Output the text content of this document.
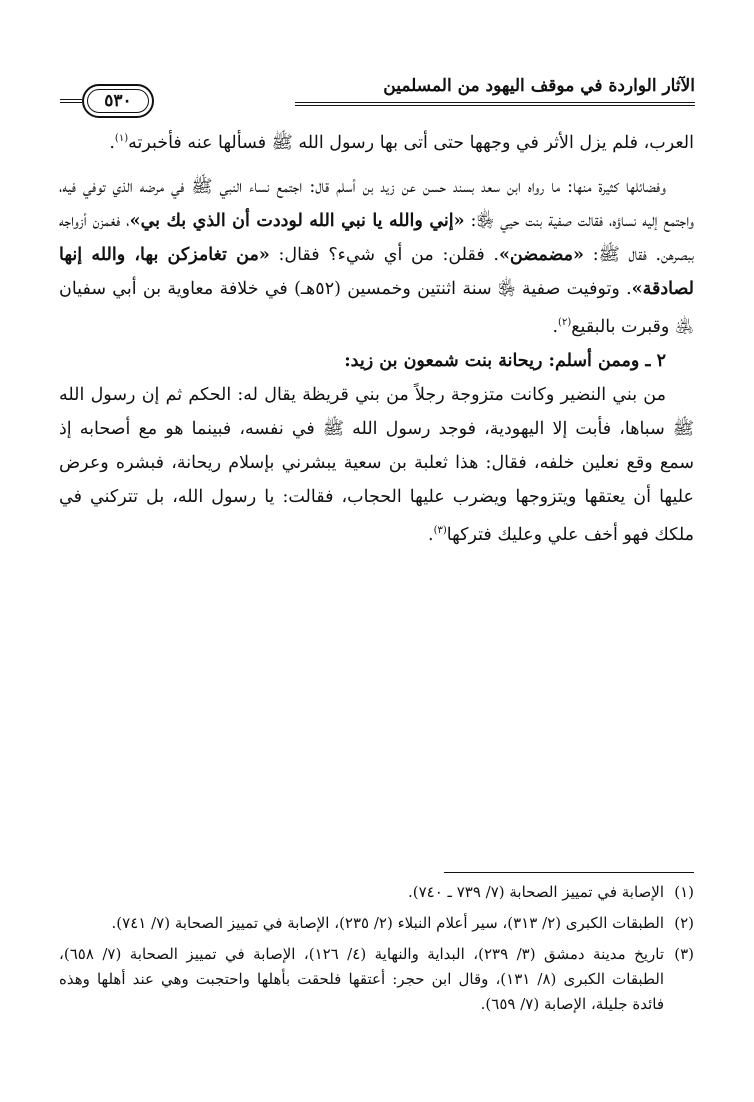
الآثار الواردة في موقف اليهود من المسلمين
٥٣٠

العرب، فلم يزل الأثر في وجهها حتى أتى بها رسول الله ﷺ فسألها عنه فأخبرته$^{(١)}$.

وفضائلها كثيرة منها: ما رواه ابن سعد بسند حسن عن زيد بن أسلم قال: اجتمع نساء النبي ﷺ في مرضه الذي توفي فيه، واجتمع إليه نساؤه، فقالت صفية بنت حيي ﵂: «إني والله يا نبي الله لوددت أن الذي بك بي»، فغمزن أزواجه ببصرهن. فقال ﷺ: «مضمضن». فقلن: من أي شيء؟ فقال: «من تغامزكن بها، والله إنها لصادقة». وتوفيت صفية ﵂ سنة اثنتين وخمسين (٥٢هـ) في خلافة معاوية بن أبي سفيان ﵁ وقبرت بالبقيع$^{(٢)}$.

٢ ـ وممن أسلم: ريحانة بنت شمعون بن زيد:

من بني النضير وكانت متزوجة رجلاً من بني قريظة يقال له: الحكم ثم إن رسول الله ﷺ سباها، فأبت إلا اليهودية، فوجد رسول الله ﷺ في نفسه، فبينما هو مع أصحابه إذ سمع وقع نعلين خلفه، فقال: هذا ثعلبة بن سعية يبشرني بإسلام ريحانة، فبشره وعرض عليها أن يعتقها ويتزوجها ويضرب عليها الحجاب، فقالت: يا رسول الله، بل تتركني في ملكك فهو أخف علي وعليك فتركها$^{(٣)}$.

(١)
الإصابة في تمييز الصحابة (٧/ ٧٣٩ ـ ٧٤٠).
(٢)
الطبقات الكبرى (٢/ ٣١٣)، سير أعلام النبلاء (٢/ ٢٣٥)، الإصابة في تمييز الصحابة (٧/ ٧٤١).
(٣)
تاريخ مدينة دمشق (٣/ ٢٣٩)، البداية والنهاية (٤/ ١٢٦)، الإصابة في تمييز الصحابة (٧/ ٦٥٨)، الطبقات الكبرى (٨/ ١٣١)، وقال ابن حجر: أعتقها فلحقت بأهلها واحتجبت وهي عند أهلها وهذه فائدة جليلة، الإصابة (٧/ ٦٥٩).
